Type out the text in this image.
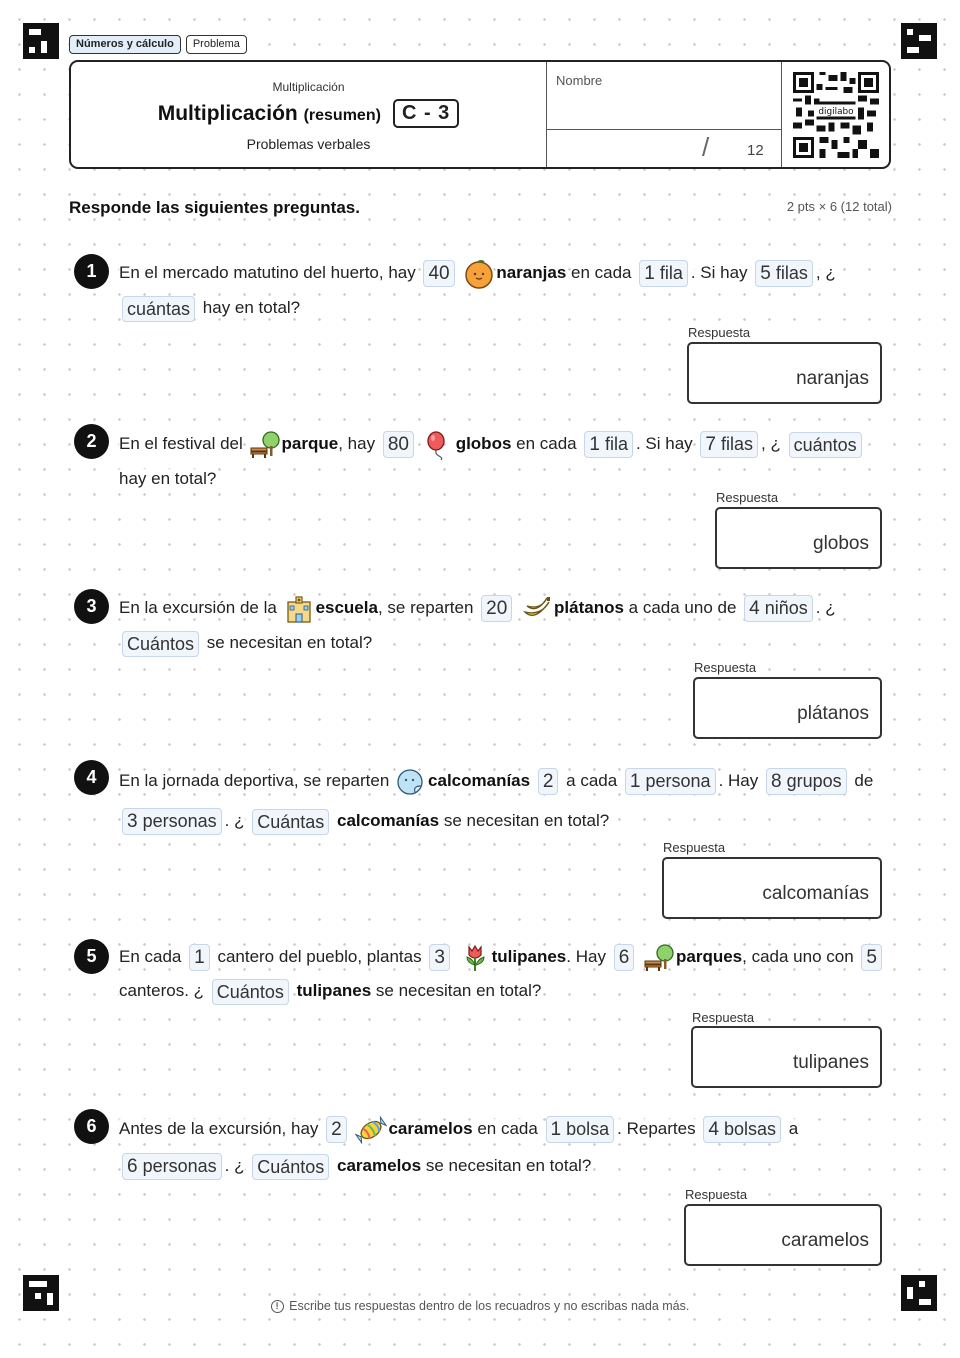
Números y cálculo	Problema
Multiplicación
Multiplicación (resumen)	C - 3
Problemas verbales
Nombre
/	12
digilabo
Responde las siguientes preguntas.	2 pts × 6 (12 total)
1	En el mercado matutino del huerto, hay 40	naranjas en cada 1 fila . Si hay 5 filas , ¿ cuántas hay en total?
Respuesta
naranjas
2	En el festival del parque, hay 80	globos en cada 1 fila . Si hay 7 filas , ¿ cuántos hay en total?
Respuesta
globos
3	En la excursión de la escuela, se reparten 20	plátanos a cada uno de 4 niños . ¿ Cuántos se necesitan en total?
Respuesta
plátanos
4	En la jornada deportiva, se reparten calcomanías 2 a cada 1 persona . Hay 8 grupos de 3 personas . ¿ Cuántas calcomanías se necesitan en total?
Respuesta
calcomanías
5	En cada 1 cantero del pueblo, plantas 3	tulipanes. Hay 6	parques, cada uno con 5 canteros. ¿ Cuántos tulipanes se necesitan en total?
Respuesta
tulipanes
6	Antes de la excursión, hay 2	caramelos en cada 1 bolsa . Repartes 4 bolsas a 6 personas . ¿ Cuántos caramelos se necesitan en total?
Respuesta
caramelos
! Escribe tus respuestas dentro de los recuadros y no escribas nada más.
